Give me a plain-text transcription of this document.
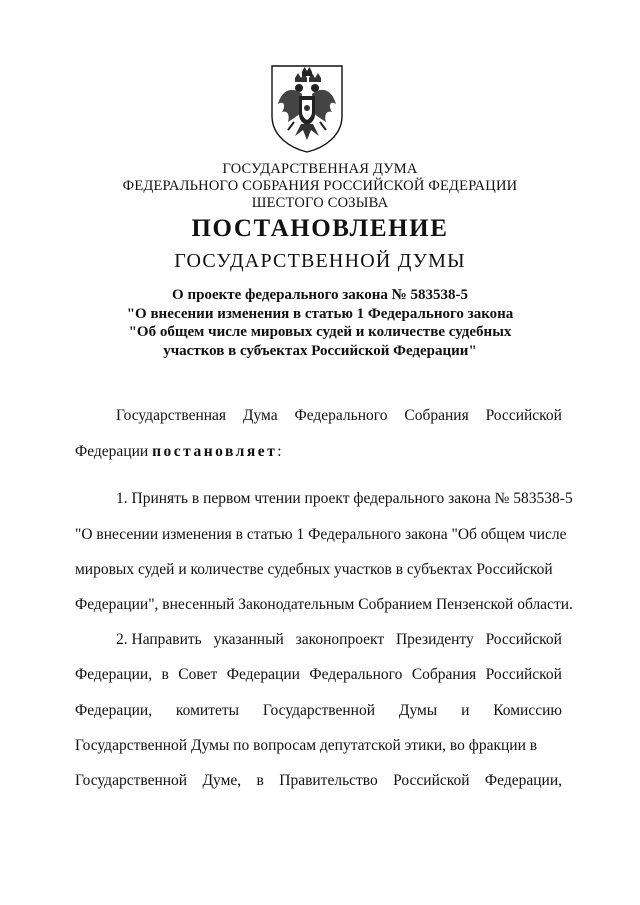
ГОСУДАРСТВЕННАЯ ДУМА
ФЕДЕРАЛЬНОГО СОБРАНИЯ РОССИЙСКОЙ ФЕДЕРАЦИИ
ШЕСТОГО СОЗЫВА
ПОСТАНОВЛЕНИЕ
ГОСУДАРСТВЕННОЙ ДУМЫ
О проекте федерального закона № 583538-5
"О внесении изменения в статью 1 Федерального закона
"Об общем числе мировых судей и количестве судебных
участков в субъектах Российской Федерации"
Государственная Дума Федерального Собрания Российской
Федерации постановляет:
1. Принять в первом чтении проект федерального закона № 583538-5
"О внесении изменения в статью 1 Федерального закона "Об общем числе
мировых судей и количестве судебных участков в субъектах Российской
Федерации", внесенный Законодательным Собранием Пензенской области.
2. Направить указанный законопроект Президенту Российской
Федерации, в Совет Федерации Федерального Собрания Российской
Федерации, комитеты Государственной Думы и Комиссию
Государственной Думы по вопросам депутатской этики, во фракции в
Государственной Думе, в Правительство Российской Федерации,
